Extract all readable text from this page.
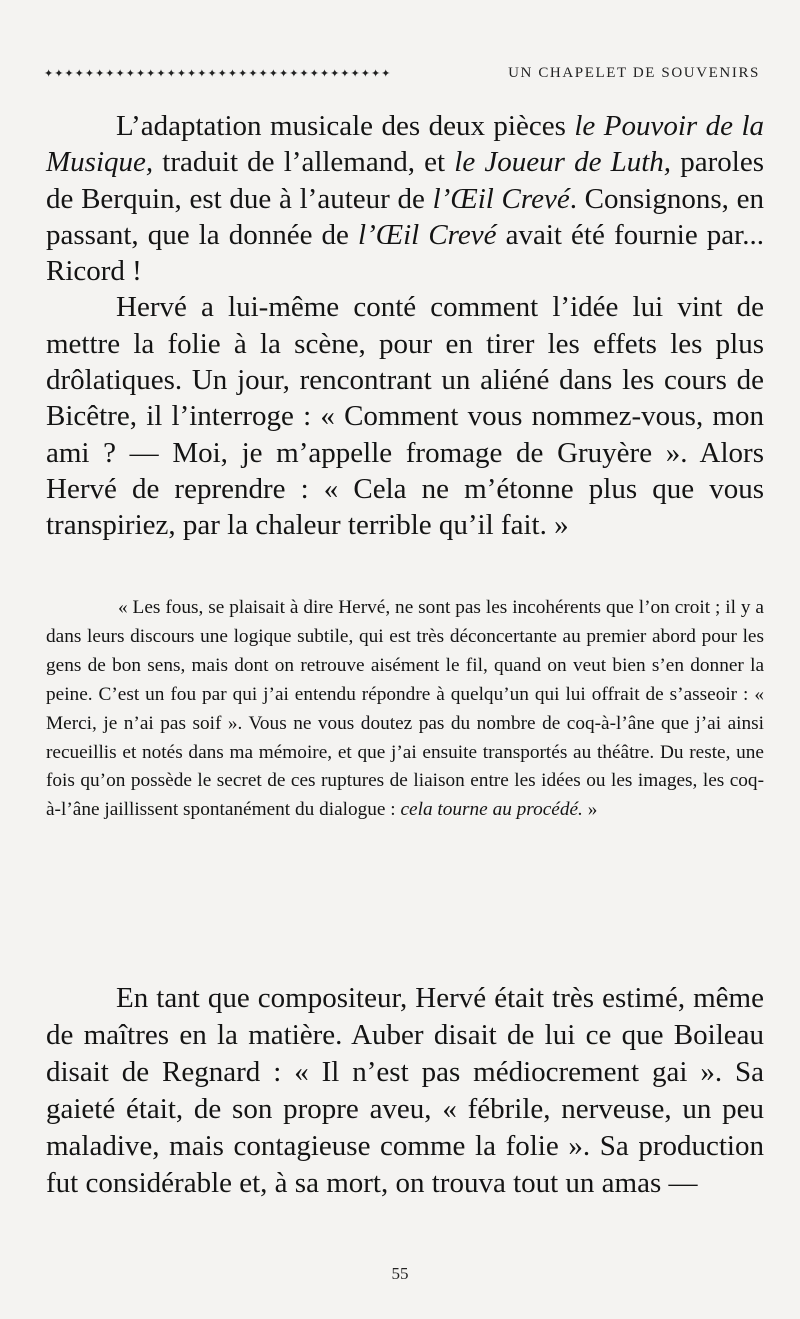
✦✦✦✦✦✦✦✦✦✦✦✦✦✦✦✦✦✦✦✦✦✦✦✦✦✦✦✦✦✦✦✦✦✦	UN CHAPELET DE SOUVENIRS

L’adaptation musicale des deux pièces le Pouvoir de la Musique, traduit de l’allemand, et le Joueur de Luth, paroles de Berquin, est due à l’auteur de l’Œil Crevé. Consignons, en passant, que la donnée de l’Œil Crevé avait été fournie par... Ricord !

Hervé a lui-même conté comment l’idée lui vint de mettre la folie à la scène, pour en tirer les effets les plus drôlatiques. Un jour, rencontrant un aliéné dans les cours de Bicêtre, il l’interroge : « Comment vous nommez-vous, mon ami ? — Moi, je m’appelle fromage de Gruyère ». Alors Hervé de reprendre : « Cela ne m’étonne plus que vous transpiriez, par la chaleur terrible qu’il fait. »

« Les fous, se plaisait à dire Hervé, ne sont pas les incohérents que l’on croit ; il y a dans leurs discours une logique subtile, qui est très déconcertante au premier abord pour les gens de bon sens, mais dont on retrouve aisément le fil, quand on veut bien s’en donner la peine. C’est un fou par qui j’ai entendu répondre à quelqu’un qui lui offrait de s’asseoir : « Merci, je n’ai pas soif ». Vous ne vous doutez pas du nombre de coq-à-l’âne que j’ai ainsi recueillis et notés dans ma mémoire, et que j’ai ensuite transportés au théâtre. Du reste, une fois qu’on possède le secret de ces ruptures de liaison entre les idées ou les images, les coq-à-l’âne jaillissent spontanément du dialogue : cela tourne au procédé. »

En tant que compositeur, Hervé était très estimé, même de maîtres en la matière. Auber disait de lui ce que Boileau disait de Regnard : « Il n’est pas médiocrement gai ». Sa gaieté était, de son propre aveu, « fébrile, nerveuse, un peu maladive, mais contagieuse comme la folie ». Sa production fut considérable et, à sa mort, on trouva tout un amas —

55
